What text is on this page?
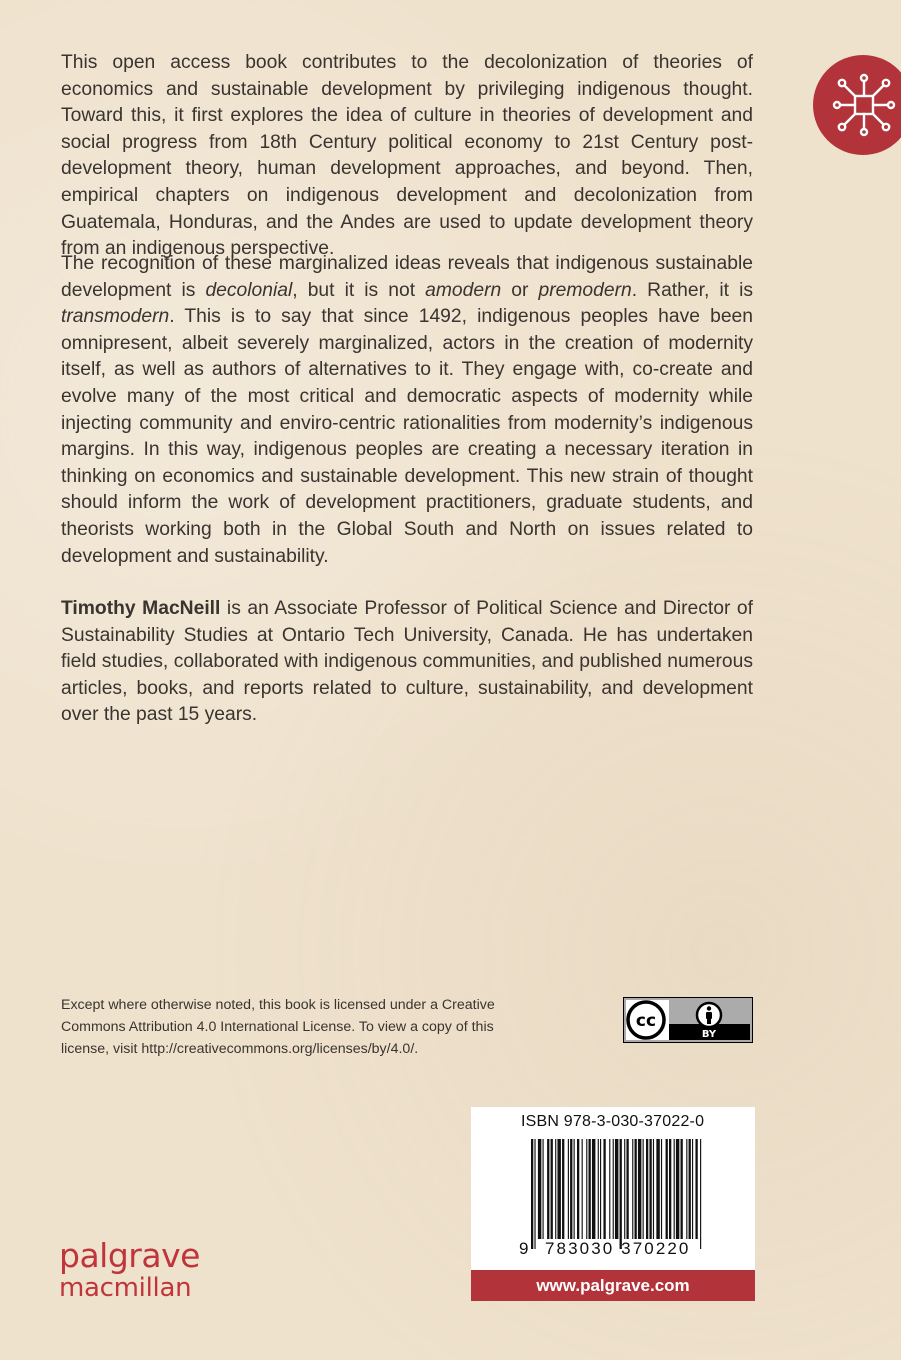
This open access book contributes to the decolonization of theories of economics and sustainable development by privileging indigenous thought. Toward this, it first explores the idea of culture in theories of development and social progress from 18th Century political economy to 21st Century post-development theory, human development approaches, and beyond. Then, empirical chapters on indigenous development and decolonization from Guatemala, Honduras, and the Andes are used to update development theory from an indigenous perspective.
The recognition of these marginalized ideas reveals that indigenous sustainable development is decolonial, but it is not amodern or premodern. Rather, it is transmodern. This is to say that since 1492, indigenous peoples have been omnipresent, albeit severely marginalized, actors in the creation of modernity itself, as well as authors of alternatives to it. They engage with, co-create and evolve many of the most critical and democratic aspects of modernity while injecting community and enviro-centric rationalities from modernity’s indigenous margins. In this way, indigenous peoples are creating a necessary iteration in thinking on economics and sustainable development. This new strain of thought should inform the work of development practitioners, graduate students, and theorists working both in the Global South and North on issues related to development and sustainability.
Timothy MacNeill is an Associate Professor of Political Science and Director of Sustainability Studies at Ontario Tech University, Canada. He has undertaken field studies, collaborated with indigenous communities, and published numerous articles, books, and reports related to culture, sustainability, and development over the past 15 years.
Except where otherwise noted, this book is licensed under a Creative Commons Attribution 4.0 International License. To view a copy of this license, visit http://creativecommons.org/licenses/by/4.0/.
cc
BY
ISBN 978-3-030-37022-0
9 783030 370220
www.palgrave.com
palgrave
macmillan
